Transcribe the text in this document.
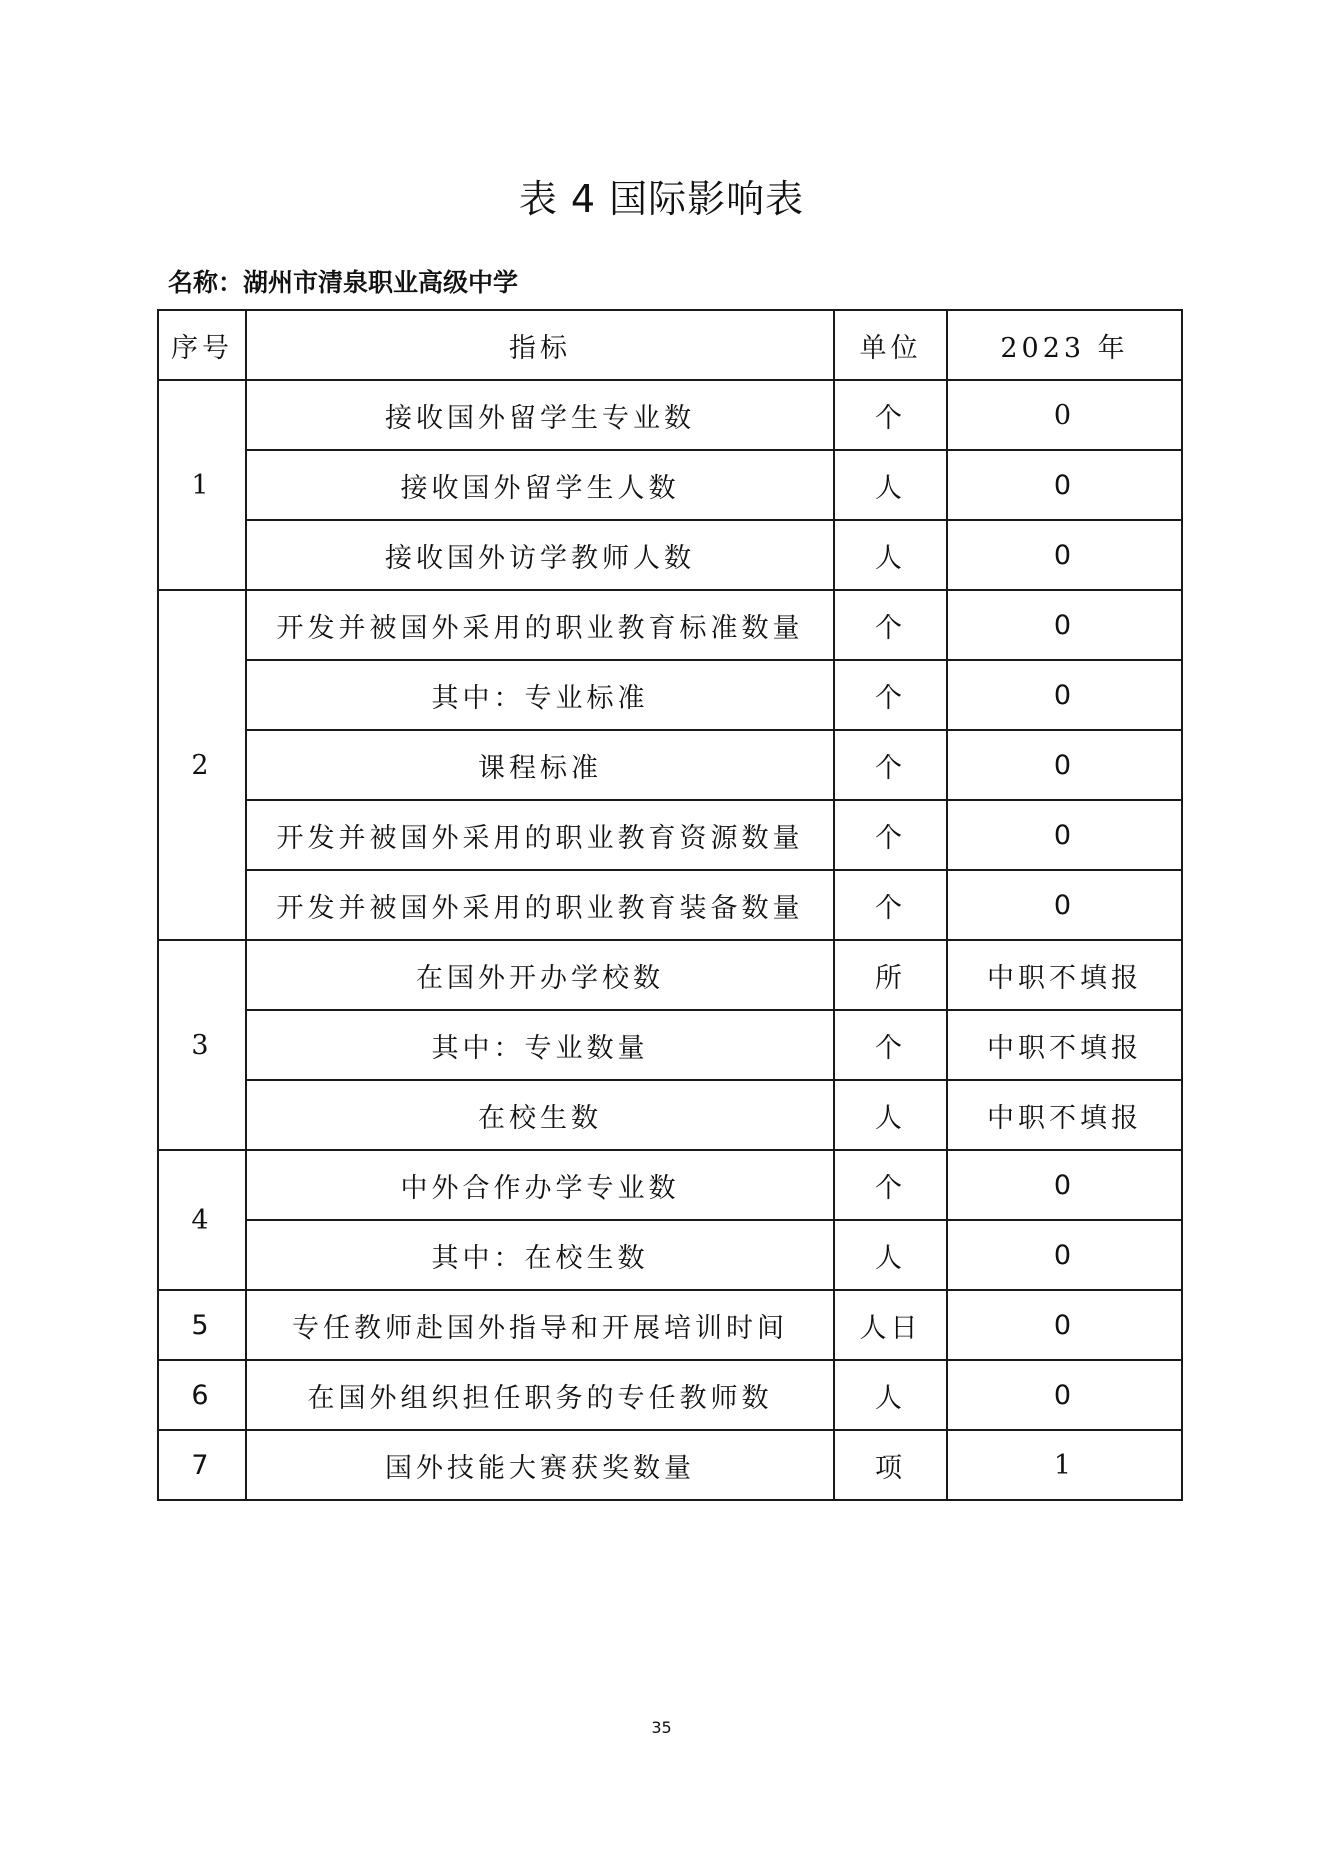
表 4 国际影响表
名称：湖州市清泉职业高级中学
序号	指标	单位	2023 年
1	接收国外留学生专业数	个	0
	接收国外留学生人数	人	0
	接收国外访学教师人数	人	0
2	开发并被国外采用的职业教育标准数量	个	0
	其中：专业标准	个	0
	课程标准	个	0
	开发并被国外采用的职业教育资源数量	个	0
	开发并被国外采用的职业教育装备数量	个	0
3	在国外开办学校数	所	中职不填报
	其中：专业数量	个	中职不填报
	在校生数	人	中职不填报
4	中外合作办学专业数	个	0
	其中：在校生数	人	0
5	专任教师赴国外指导和开展培训时间	人日	0
6	在国外组织担任职务的专任教师数	人	0
7	国外技能大赛获奖数量	项	1
35
